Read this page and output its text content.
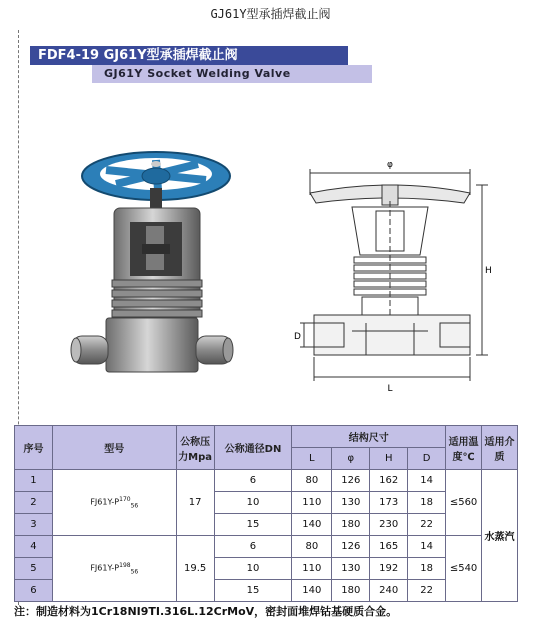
GJ61Y型承插焊截止阀
FDF4-19 GJ61Y型承插焊截止阀
GJ61Y Socket Welding Valve
φ
H
D
L
序号	型号	公称压力Mpa	公称通径DN	结构尺寸				适用温度℃	适用介质
				L	φ	H	D		
1	$FJ61Y-P^{170}_{56}$	17	6	80	126	162	14	≤560	水蒸汽
2			10	110	130	173	18		
3			15	140	180	230	22		
4	$FJ61Y-P^{198}_{56}$	19.5	6	80	126	165	14	≤540	
5			10	110	130	192	18		
6			15	140	180	240	22		
注：制造材料为1Cr18NI9TI.316L.12CrMoV，密封面堆焊钴基硬质合金。
